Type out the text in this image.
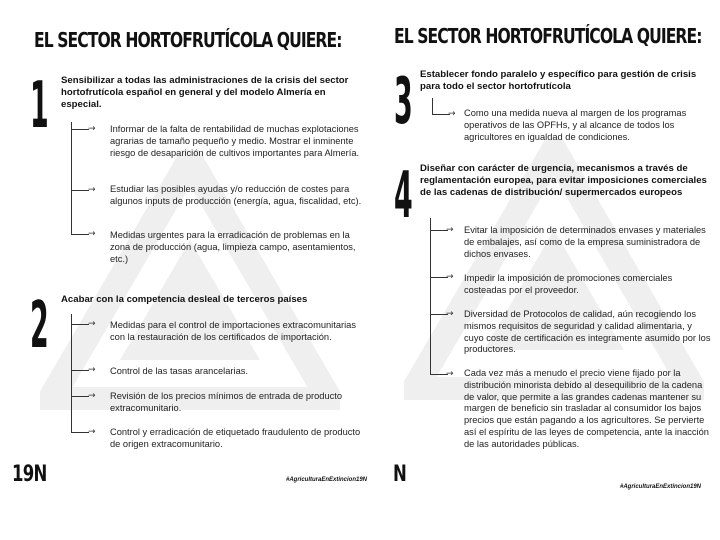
EL SECTOR HORTOFRUTÍCOLA QUIERE:
1 Sensibilizar a todas las administraciones de la crisis del sector hortofrutícola español en general y del modelo Almería en especial.
→
Informar de la falta de rentabilidad de muchas explotaciones agrarias de tamaño pequeño y medio. Mostrar el inminente riesgo de desaparición de cultivos importantes para Almería.
→
Estudiar las posibles ayudas y/o reducción de costes para algunos inputs de producción (energía, agua, fiscalidad, etc).
→
Medidas urgentes para la erradicación de problemas en la zona de producción (agua, limpieza campo, asentamientos, etc.)
2 Acabar con la competencia desleal de terceros países
→
Medidas para el control de importaciones extracomunitarias con la restauración de los certificados de importación.
→
Control de las tasas arancelarias.
→
Revisión de los precios mínimos de entrada de producto extracomunitario.
→
Control y erradicación de etiquetado fraudulento de producto de origen extracomunitario.
19N	#AgriculturaEnExtincion19N
EL SECTOR HORTOFRUTÍCOLA QUIERE:
3 Establecer fondo paralelo y específico para gestión de crisis para todo el sector hortofrutícola
→
Como una medida nueva al margen de los programas operativos de las OPFHs, y al alcance de todos los agricultores en igualdad de condiciones.
4 Diseñar con carácter de urgencia, mecanismos a través de reglamentación europea, para evitar imposiciones comerciales de las cadenas de distribución/ supermercados europeos
→
Evitar la imposición de determinados envases y materiales de embalajes, así como de la empresa suministradora de dichos envases.
→
Impedir la imposición de promociones comerciales costeadas por el proveedor.
→
Diversidad de Protocolos de calidad, aún recogiendo los mismos requisitos de seguridad y calidad alimentaria, y cuyo coste de certificación es integramente asumido por los productores.
→
Cada vez más a menudo el precio viene fijado por la distribución minorista debido al desequilibrio de la cadena de valor, que permite a las grandes cadenas mantener su margen de beneficio sin trasladar al consumidor los bajos precios que están pagando a los agricultores. Se pervierte así el espíritu de las leyes de competencia, ante la inacción de las autoridades públicas.
N	#AgriculturaEnExtincion19N
